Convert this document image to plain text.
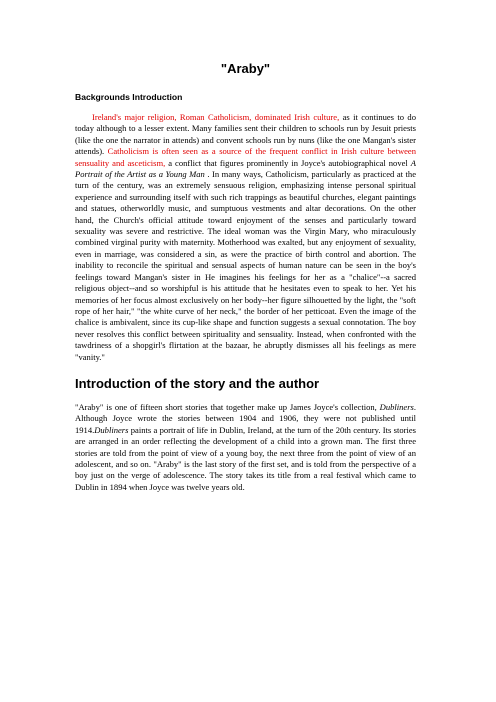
"Araby"
Backgrounds Introduction

Ireland's major religion, Roman Catholicism, dominated Irish culture, as it continues to do today although to a lesser extent. Many families sent their children to schools run by Jesuit priests (like the one the narrator in attends) and convent schools run by nuns (like the one Mangan's sister attends). Catholicism is often seen as a source of the frequent conflict in Irish culture between sensuality and asceticism, a conflict that figures prominently in Joyce's autobiographical novel A Portrait of the Artist as a Young Man . In many ways, Catholicism, particularly as practiced at the turn of the century, was an extremely sensuous religion, emphasizing intense personal spiritual experience and surrounding itself with such rich trappings as beautiful churches, elegant paintings and statues, otherworldly music, and sumptuous vestments and altar decorations. On the other hand, the Church's official attitude toward enjoyment of the senses and particularly toward sexuality was severe and restrictive. The ideal woman was the Virgin Mary, who miraculously combined virginal purity with maternity. Motherhood was exalted, but any enjoyment of sexuality, even in marriage, was considered a sin, as were the practice of birth control and abortion. The inability to reconcile the spiritual and sensual aspects of human nature can be seen in the boy's feelings toward Mangan's sister in He imagines his feelings for her as a "chalice"--a sacred religious object--and so worshipful is his attitude that he hesitates even to speak to her. Yet his memories of her focus almost exclusively on her body--her figure silhouetted by the light, the "soft rope of her hair," "the white curve of her neck," the border of her petticoat. Even the image of the chalice is ambivalent, since its cup-like shape and function suggests a sexual connotation. The boy never resolves this conflict between spirituality and sensuality. Instead, when confronted with the tawdriness of a shopgirl's flirtation at the bazaar, he abruptly dismisses all his feelings as mere "vanity."

Introduction of the story and the author

"Araby" is one of fifteen short stories that together make up James Joyce's collection, Dubliners. Although Joyce wrote the stories between 1904 and 1906, they were not published until 1914.Dubliners paints a portrait of life in Dublin, Ireland, at the turn of the 20th century. Its stories are arranged in an order reflecting the development of a child into a grown man. The first three stories are told from the point of view of a young boy, the next three from the point of view of an adolescent, and so on. "Araby" is the last story of the first set, and is told from the perspective of a boy just on the verge of adolescence. The story takes its title from a real festival which came to Dublin in 1894 when Joyce was twelve years old.
